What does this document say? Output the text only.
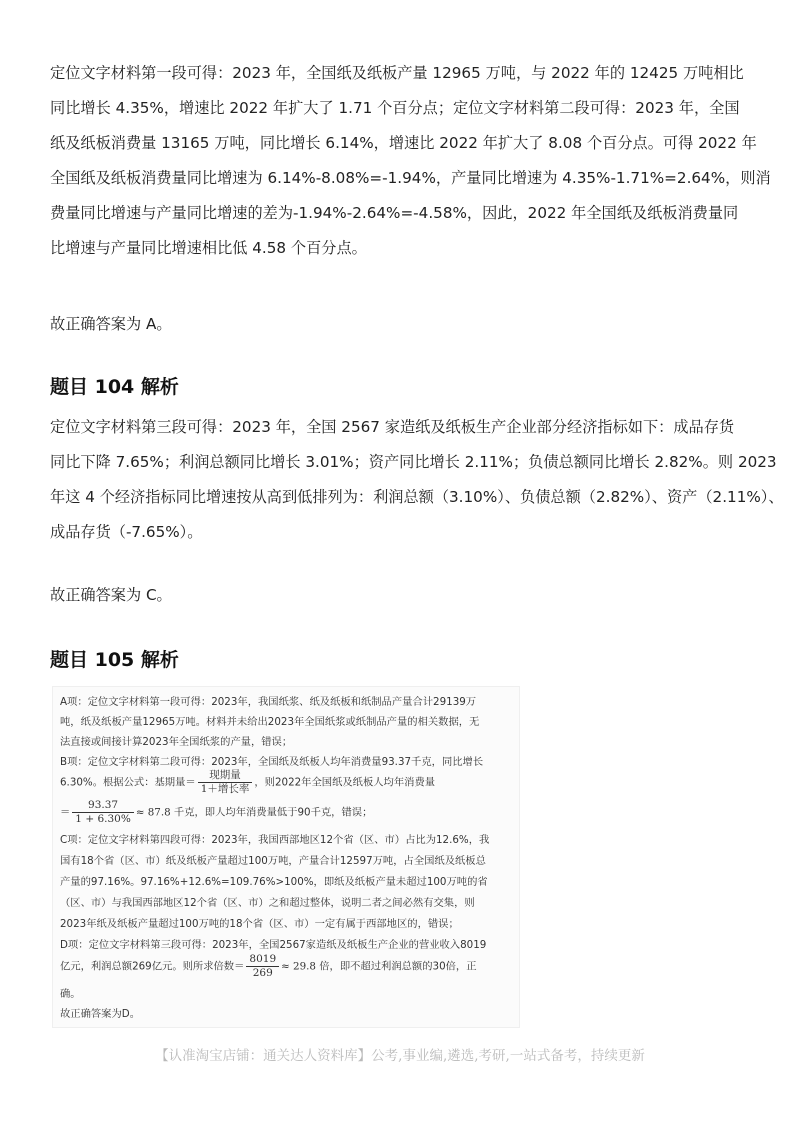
定位文字材料第一段可得：2023 年，全国纸及纸板产量 12965 万吨，与 2022 年的 12425 万吨相比
同比增长 4.35%，增速比 2022 年扩大了 1.71 个百分点；定位文字材料第二段可得：2023 年，全国
纸及纸板消费量 13165 万吨，同比增长 6.14%，增速比 2022 年扩大了 8.08 个百分点。可得 2022 年
全国纸及纸板消费量同比增速为 6.14%-8.08%=-1.94%，产量同比增速为 4.35%-1.71%=2.64%，则消
费量同比增速与产量同比增速的差为-1.94%-2.64%=-4.58%，因此，2022 年全国纸及纸板消费量同
比增速与产量同比增速相比低 4.58 个百分点。
故正确答案为 A。
题目 104 解析
定位文字材料第三段可得：2023 年，全国 2567 家造纸及纸板生产企业部分经济指标如下：成品存货
同比下降 7.65%；利润总额同比增长 3.01%；资产同比增长 2.11%；负债总额同比增长 2.82%。则 2023
年这 4 个经济指标同比增速按从高到低排列为：利润总额（3.10%）、负债总额（2.82%）、资产（2.11%）、
成品存货（-7.65%）。
故正确答案为 C。
题目 105 解析
A项：定位文字材料第一段可得：2023年，我国纸浆、纸及纸板和纸制品产量合计29139万
吨，纸及纸板产量12965万吨。材料并未给出2023年全国纸浆或纸制品产量的相关数据，无
法直接或间接计算2023年全国纸浆的产量，错误；
B项：定位文字材料第二段可得：2023年，全国纸及纸板人均年消费量93.37千克，同比增长
6.30%。根据公式：基期量＝ $\frac{\text{现期量}}{\text{1＋增长率}}$ ，则2022年全国纸及纸板人均年消费量
＝ $\frac{93.37}{1 + 6.30\%} \approx 87.8$ 千克，即人均年消费量低于90千克，错误；
C项：定位文字材料第四段可得：2023年，我国西部地区12个省（区、市）占比为12.6%，我
国有18个省（区、市）纸及纸板产量超过100万吨，产量合计12597万吨，占全国纸及纸板总
产量的97.16%。97.16%+12.6%=109.76%>100%，即纸及纸板产量未超过100万吨的省
（区、市）与我国西部地区12个省（区、市）之和超过整体，说明二者之间必然有交集，则
2023年纸及纸板产量超过100万吨的18个省（区、市）一定有属于西部地区的，错误；
D项：定位文字材料第三段可得：2023年，全国2567家造纸及纸板生产企业的营业收入8019
亿元，利润总额269亿元。则所求倍数＝ $\frac{8019}{269} \approx 29.8$ 倍，即不超过利润总额的30倍，正
确。
故正确答案为D。
【认准淘宝店铺：通关达人资料库】公考,事业编,遴选,考研,一站式备考，持续更新
